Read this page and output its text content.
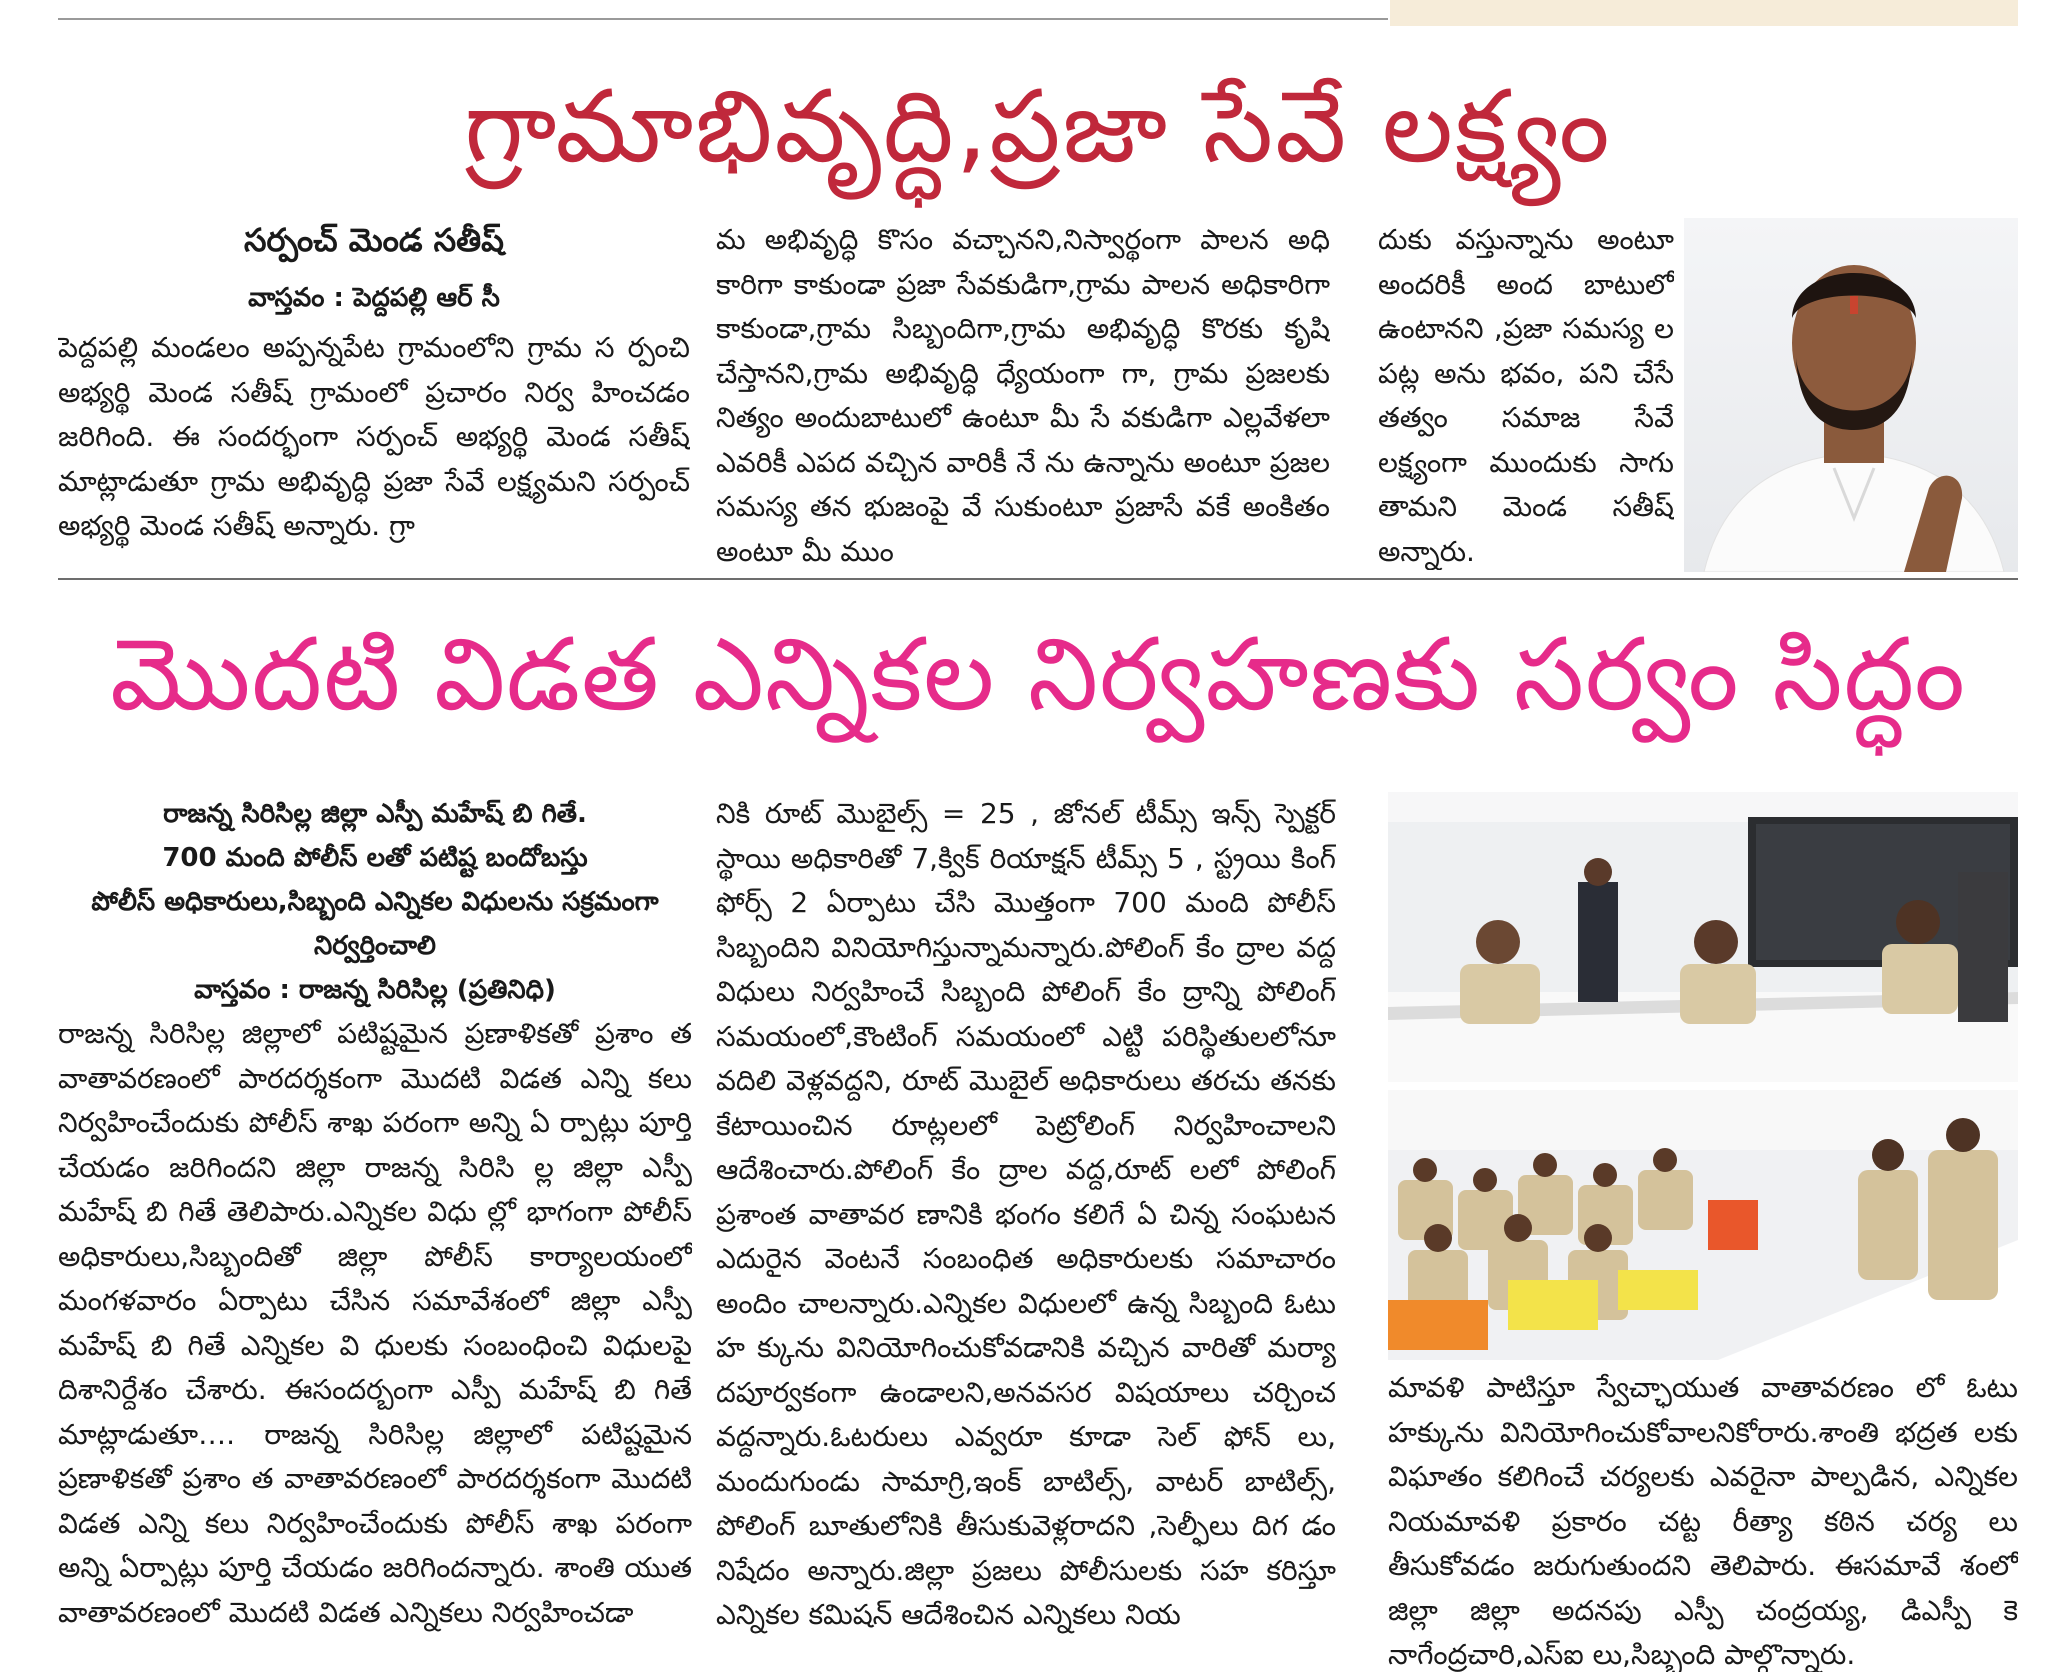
గ్రామాభివృద్ధి,ప్రజా సేవే లక్ష్యం

సర్పంచ్ మెండ సతీష్

వాస్తవం : పెద్దపల్లి ఆర్ సీ

పెద్దపల్లి మండలం అప్పన్నపేట గ్రామంలోని గ్రామ స ర్పంచి అభ్యర్థి మెండ సతీష్ గ్రామంలో ప్రచారం నిర్వ హించడం జరిగింది. ఈ సందర్భంగా సర్పంచ్ అభ్యర్థి మెండ సతీష్ మాట్లాడుతూ గ్రామ అభివృద్ధి ప్రజా సేవే లక్ష్యమని సర్పంచ్ అభ్యర్థి మెండ సతీష్ అన్నారు. గ్రా

మ అభివృద్ధి కొసం వచ్చానని,నిస్వార్థంగా పాలన అధి కారిగా కాకుండా ప్రజా సేవకుడిగా,గ్రామ పాలన అధికారిగా కాకుండా,గ్రామ సిబ్బందిగా,గ్రామ అభివృద్ధి కొరకు కృషి చేస్తానని,గ్రామ అభివృద్ధి ధ్యేయంగా గా, గ్రామ ప్రజలకు నిత్యం అందుబాటులో ఉంటూ మీ సే వకుడిగా ఎల్లవేళలా ఎవరికీ ఎపద వచ్చిన వారికీ నే ను ఉన్నాను అంటూ ప్రజల సమస్య తన భుజంపై వే సుకుంటూ ప్రజాసే వకే అంకితం అంటూ మీ ముం

దుకు వస్తున్నాను అంటూ అందరికీ అంద బాటులో ఉంటానని ,ప్రజా సమస్య ల పట్ల అను భవం, పని చేసే తత్వం సమాజ సేవే లక్ష్యంగా ముందుకు సాగు తామని మెండ సతీష్ అన్నారు.

మొదటి విడత ఎన్నికల నిర్వహణకు సర్వం సిద్ధం

రాజన్న సిరిసిల్ల జిల్లా ఎస్పీ మహేష్ బి గితే.

700 మంది పోలీస్ లతో పటిష్ట బందోబస్తు

పోలీస్ అధికారులు,సిబ్బంది ఎన్నికల విధులను సక్రమంగా

నిర్వర్తించాలి

వాస్తవం : రాజన్న సిరిసిల్ల (ప్రతినిధి)

రాజన్న సిరిసిల్ల జిల్లాలో పటిష్టమైన ప్రణాళికతో ప్రశాం త వాతావరణంలో పారదర్శకంగా మొదటి విడత ఎన్ని కలు నిర్వహించేందుకు పోలీస్ శాఖ పరంగా అన్ని ఏ ర్పాట్లు పూర్తి చేయడం జరిగిందని జిల్లా రాజన్న సిరిసి ల్ల జిల్లా ఎస్పీ మహేష్ బి గితే తెలిపారు.ఎన్నికల విధు ల్లో భాగంగా పోలీస్ అధికారులు,సిబ్బందితో జిల్లా పోలీస్ కార్యాలయంలో మంగళవారం ఏర్పాటు చేసిన సమావేశంలో జిల్లా ఎస్పీ మహేష్ బి గితే ఎన్నికల వి ధులకు సంబంధించి విధులపై దిశానిర్దేశం చేశారు. ఈసందర్బంగా ఎస్పీ మహేష్ బి గితే మాట్లాడుతూ…. రాజన్న సిరిసిల్ల జిల్లాలో పటిష్టమైన ప్రణాళికతో ప్రశాం త వాతావరణంలో పారదర్శకంగా మొదటి విడత ఎన్ని కలు నిర్వహించేందుకు పోలీస్ శాఖ పరంగా అన్ని ఏర్పాట్లు పూర్తి చేయడం జరిగిందన్నారు. శాంతి యుత వాతావరణంలో మొదటి విడత ఎన్నికలు నిర్వహించడా

నికి రూట్ మొబైల్స్ = 25 , జోనల్ టీమ్స్ ఇన్స్ స్పెక్టర్ స్థాయి అధికారితో 7,క్విక్ రియాక్షన్ టీమ్స్ 5 , స్ట్రయి కింగ్ ఫోర్స్ 2 ఏర్పాటు చేసి మొత్తంగా 700 మంది పోలీస్ సిబ్బందిని వినియోగిస్తున్నామన్నారు.పోలింగ్ కేం ద్రాల వద్ద విధులు నిర్వహించే సిబ్బంది పోలింగ్ కేం ద్రాన్ని పోలింగ్ సమయంలో,కౌంటింగ్ సమయంలో ఎట్టి పరిస్థితులలోనూ వదిలి వెళ్లవద్దని, రూట్ మొబైల్ అధికారులు తరచు తనకు కేటాయించిన రూట్లలలో పెట్రోలింగ్ నిర్వహించాలని ఆదేశించారు.పోలింగ్ కేం ద్రాల వద్ద,రూట్ లలో పోలింగ్ ప్రశాంత వాతావర ణానికి భంగం కలిగే ఏ చిన్న సంఘటన ఎదురైన వెంటనే సంబంధిత అధికారులకు సమాచారం అందిం చాలన్నారు.ఎన్నికల విధులలో ఉన్న సిబ్బంది ఓటు హ క్కును వినియోగించుకోవడానికి వచ్చిన వారితో మర్యా దపూర్వకంగా ఉండాలని,అనవసర విషయాలు చర్చించ వద్దన్నారు.ఓటరులు ఎవ్వరూ కూడా సెల్ ఫోన్ లు, మందుగుండు సామాగ్రి,ఇంక్ బాటిల్స్, వాటర్ బాటిల్స్, పోలింగ్ బూతులోనికి తీసుకువెళ్లరాదని ,సెల్ఫీలు దిగ డం నిషేదం అన్నారు.జిల్లా ప్రజలు పోలీసులకు సహ కరిస్తూ ఎన్నికల కమిషన్ ఆదేశించిన ఎన్నికలు నియ

మావళి పాటిస్తూ స్వేచ్ఛాయుత వాతావరణం లో ఓటు హక్కును వినియోగించుకోవాలనికోరారు.శాంతి భద్రత లకు విఘాతం కలిగించే చర్యలకు ఎవరైనా పాల్పడిన, ఎన్నికల నియమావళి ప్రకారం చట్ట రీత్యా కఠిన చర్య లు తీసుకోవడం జరుగుతుందని తెలిపారు. ఈసమావే శంలో జిల్లా జిల్లా అదనపు ఎస్పీ చంద్రయ్య, డిఎస్పీ కె నాగేంద్రచారి,ఎస్ఐ లు,సిబ్బంది పాల్గొన్నారు.
